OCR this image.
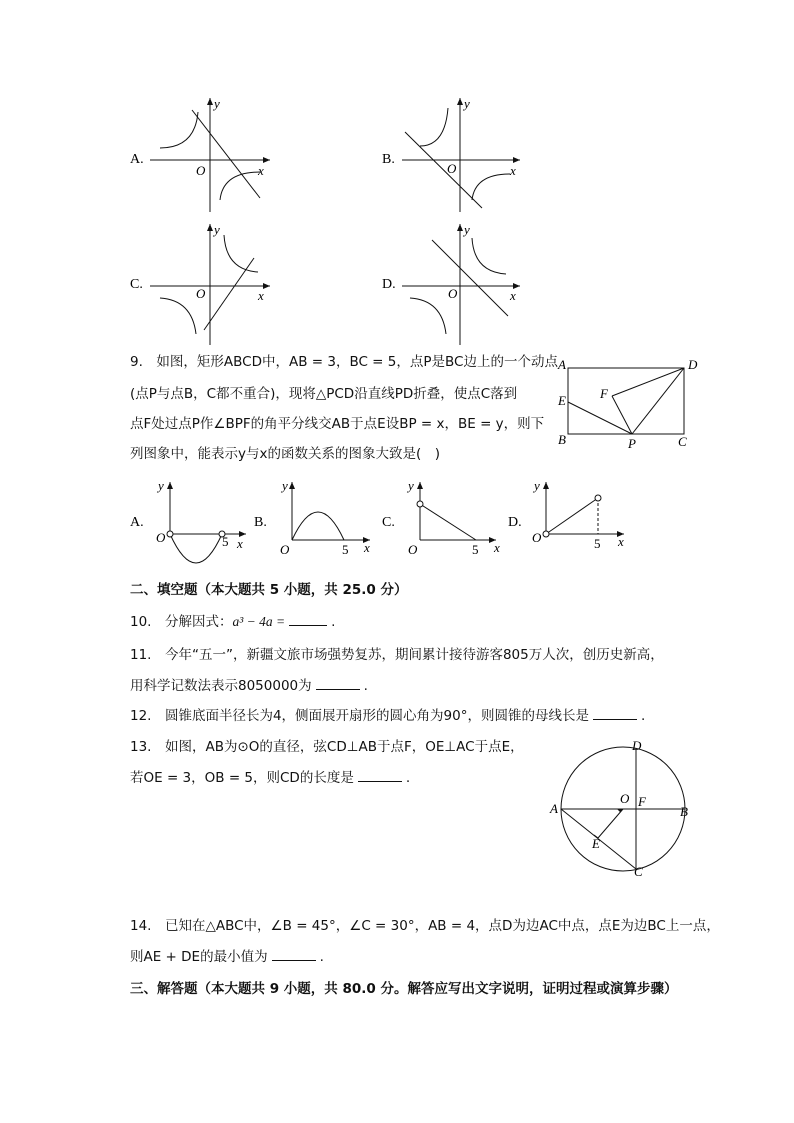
A.
y
x
O
B.
y
x
O
C.
y
x
O
D.
y
x
O
9.　如图，矩形ABCD中，AB = 3，BC = 5，点P是BC边上的一个动点
(点P与点B，C都不重合)，现将△PCD沿直线PD折叠，使点C落到
点F处过点P作∠BPF的角平分线交AB于点E设BP = x，BE = y，则下
列图象中，能表示y与x的函数关系的图象大致是(　)
A	D
E	F
B	P	C
A.
y
O	5 x
B.
y
O	5 x
C.
y
O	5 x
D.
y
O	5 x
二、填空题（本大题共 5 小题，共 25.0 分）
10.　分解因式：a³ − 4a =	.
11.　今年“五一”，新疆文旅市场强势复苏，期间累计接待游客805万人次，创历史新高，
用科学记数法表示8050000为	.
12.　圆锥底面半径长为4，侧面展开扇形的圆心角为90°，则圆锥的母线长是	.
13.　如图，AB为⊙O的直径，弦CD⊥AB于点F，OE⊥AC于点E，
若OE = 3，OB = 5，则CD的长度是	.
A	B
D
C
O F
E
14.　已知在△ABC中，∠B = 45°，∠C = 30°，AB = 4，点D为边AC中点，点E为边BC上一点，
则AE + DE的最小值为	.
三、解答题（本大题共 9 小题，共 80.0 分。解答应写出文字说明，证明过程或演算步骤）
